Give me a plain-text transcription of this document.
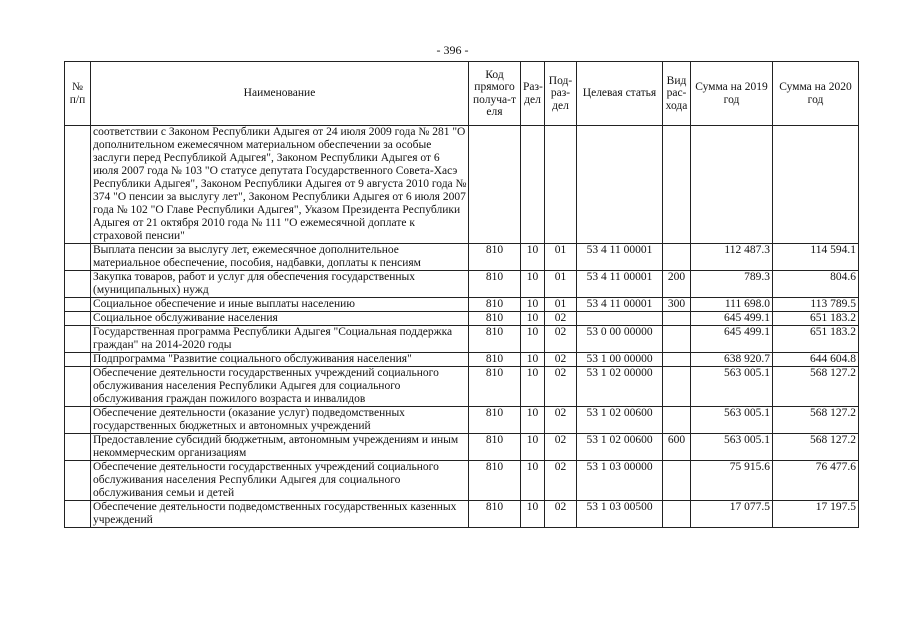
- 396 -
№ п/п	Наименование	Код прямого получа-т еля	Раз- дел	Под- раз- дел	Целевая статья	Вид рас- хода	Сумма на 2019 год	Сумма на 2020 год
	соответствии с Законом Республики Адыгея от 24 июля 2009 года № 281 "О дополнительном ежемесячном материальном обеспечении за особые заслуги перед Республикой Адыгея", Законом Республики Адыгея от 6 июля 2007 года № 103 "О статусе депутата Государственного Совета-Хасэ Республики Адыгея", Законом Республики Адыгея от 9 августа 2010 года № 374 "О пенсии за выслугу лет", Законом Республики Адыгея от 6 июля 2007 года № 102 "О Главе Республики Адыгея", Указом Президента Республики Адыгея от 21 октября 2010 года № 111 "О ежемесячной доплате к страховой пенсии"							
	Выплата пенсии за выслугу лет, ежемесячное дополнительное материальное обеспечение, пособия, надбавки, доплаты к пенсиям	810	10	01	53 4 11 00001		112 487.3	114 594.1
	Закупка товаров, работ и услуг для обеспечения государственных (муниципальных) нужд	810	10	01	53 4 11 00001	200	789.3	804.6
	Социальное обеспечение и иные выплаты населению	810	10	01	53 4 11 00001	300	111 698.0	113 789.5
	Социальное обслуживание населения	810	10	02			645 499.1	651 183.2
	Государственная программа Республики Адыгея "Социальная поддержка граждан" на 2014-2020 годы	810	10	02	53 0 00 00000		645 499.1	651 183.2
	Подпрограмма "Развитие социального обслуживания населения"	810	10	02	53 1 00 00000		638 920.7	644 604.8
	Обеспечение деятельности государственных учреждений социального обслуживания населения Республики Адыгея для социального обслуживания граждан пожилого возраста и инвалидов	810	10	02	53 1 02 00000		563 005.1	568 127.2
	Обеспечение деятельности (оказание услуг) подведомственных государственных бюджетных и автономных учреждений	810	10	02	53 1 02 00600		563 005.1	568 127.2
	Предоставление субсидий бюджетным, автономным учреждениям и иным некоммерческим организациям	810	10	02	53 1 02 00600	600	563 005.1	568 127.2
	Обеспечение деятельности государственных учреждений социального обслуживания населения Республики Адыгея для социального обслуживания семьи и детей	810	10	02	53 1 03 00000		75 915.6	76 477.6
	Обеспечение деятельности подведомственных государственных казенных учреждений	810	10	02	53 1 03 00500		17 077.5	17 197.5
